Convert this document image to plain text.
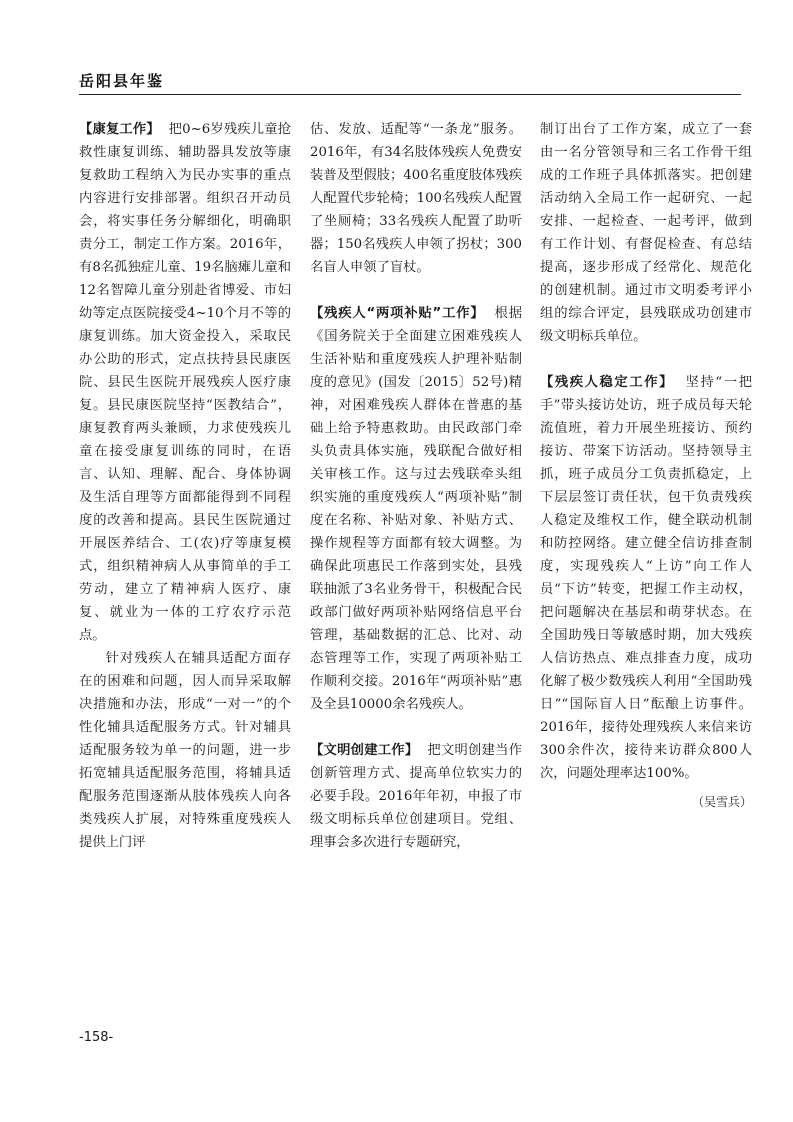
岳阳县年鉴

【康复工作】 把0~6岁残疾儿童抢救性康复训练、辅助器具发放等康复救助工程纳入为民办实事的重点内容进行安排部署。组织召开动员会，将实事任务分解细化，明确职责分工，制定工作方案。2016年，有8名孤独症儿童、19名脑瘫儿童和12名智障儿童分别赴省博爱、市妇幼等定点医院接受4~10个月不等的康复训练。加大资金投入，采取民办公助的形式，定点扶持县民康医院、县民生医院开展残疾人医疗康复。县民康医院坚持“医教结合”，康复教育两头兼顾，力求使残疾儿童在接受康复训练的同时，在语言、认知、理解、配合、身体协调及生活自理等方面都能得到不同程度的改善和提高。县民生医院通过开展医养结合、工(农)疗等康复模式，组织精神病人从事简单的手工劳动，建立了精神病人医疗、康复、就业为一体的工疗农疗示范点。

针对残疾人在辅具适配方面存在的困难和问题，因人而异采取解决措施和办法，形成“一对一”的个性化辅具适配服务方式。针对辅具适配服务较为单一的问题，进一步拓宽辅具适配服务范围，将辅具适配服务范围逐渐从肢体残疾人向各类残疾人扩展，对特殊重度残疾人提供上门评

估、发放、适配等“一条龙”服务。2016年，有34名肢体残疾人免费安装普及型假肢；400名重度肢体残疾人配置代步轮椅；100名残疾人配置了坐厕椅；33名残疾人配置了助听器；150名残疾人申领了拐杖；300名盲人申领了盲杖。

【残疾人“两项补贴”工作】 根据《国务院关于全面建立困难残疾人生活补贴和重度残疾人护理补贴制度的意见》(国发〔2015〕52号)精神，对困难残疾人群体在普惠的基础上给予特惠救助。由民政部门牵头负责具体实施，残联配合做好相关审核工作。这与过去残联牵头组织实施的重度残疾人“两项补贴”制度在名称、补贴对象、补贴方式、操作规程等方面都有较大调整。为确保此项惠民工作落到实处，县残联抽派了3名业务骨干，积极配合民政部门做好两项补贴网络信息平台管理，基础数据的汇总、比对、动态管理等工作，实现了两项补贴工作顺利交接。2016年“两项补贴”惠及全县10000余名残疾人。

【文明创建工作】 把文明创建当作创新管理方式、提高单位软实力的必要手段。2016年年初，申报了市级文明标兵单位创建项目。党组、理事会多次进行专题研究，

制订出台了工作方案，成立了一套由一名分管领导和三名工作骨干组成的工作班子具体抓落实。把创建活动纳入全局工作一起研究、一起安排、一起检查、一起考评，做到有工作计划、有督促检查、有总结提高，逐步形成了经常化、规范化的创建机制。通过市文明委考评小组的综合评定，县残联成功创建市级文明标兵单位。

【残疾人稳定工作】 坚持“一把手”带头接访处访，班子成员每天轮流值班，着力开展坐班接访、预约接访、带案下访活动。坚持领导主抓，班子成员分工负责抓稳定，上下层层签订责任状，包干负责残疾人稳定及维权工作，健全联动机制和防控网络。建立健全信访排查制度，实现残疾人“上访”向工作人员“下访”转变，把握工作主动权，把问题解决在基层和萌芽状态。在全国助残日等敏感时期，加大残疾人信访热点、难点排查力度，成功化解了极少数残疾人利用“全国助残日”“国际盲人日”酝酿上访事件。2016年，接待处理残疾人来信来访300余件次，接待来访群众800人次，问题处理率达100%。

（吴雪兵）

-158-
